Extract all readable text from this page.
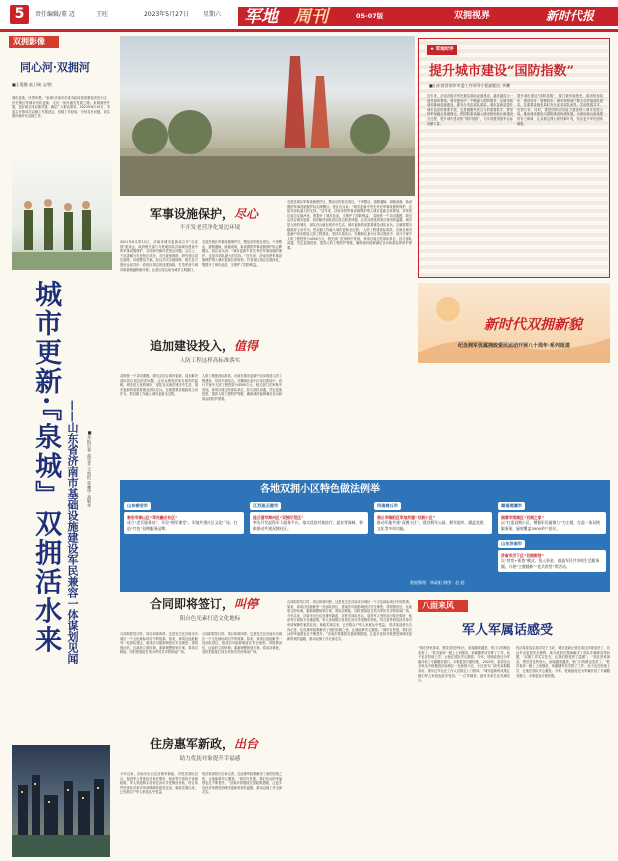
5	责任编辑/董 迈	王旺	2023年5月27日 星期六 军地 周刊	05-07版	双拥视界	新时代报
双拥影像
同心河·双拥河
■王冕继 高卫瑞 文/图
城市更新，所思所想。"泉城"济南市市委市政府高度重视老旧小区、历史街区等城市有机更新，走出一条内涵式发展之路。泉城深度开展，更好地完成双拥共建，满足广大群众需求。2023年6月19日，市委召开第四次双拥工作推进会，回顾工作经验，分析存在问题，切实做好新时代双拥工作。
城市更新·『泉城』双拥活水来 ——山东省济南市基础设施建设军民兼容一体谋划见闻 ■本报记者 高雪菲 王凯伦 张鹏宇 高敏华
军事设施保护，尽心
不开发老营净化周边环境
2021年6月的12日，济南市城市更新局召开“百花园”座谈会，政府相关部门与驻地部队共商城市建设中的军事设施保护，共同研究解决老营区问题。会议上，干部讲解当年老营区状况，对比规划图纸，研究营区周边道路、环境整治方案。经过多次实地调研，相关各方很快达成共识：将营区周边的违建拆除，打造军营与城市和谐相融的新环境，让营区周边成为城市文明窗口。
走进任城区军事设施保护区，整治后的营区周边，干净整洁，道路通畅，绿植成荫，新设置的军事设施保护标志牌醒目。营区官兵说：“城市更新中首先考虑军事设施的保护，这是对部队最大的支持。”近年来，济南市把军事设施保护纳入城市更新总体规划，对老营区周边实施净化，既提升了城市品质，又维护了国防利益。
追加建设投入，值得
人防工程这样高标准落实
双拥是一个共同课题。我们会结合城市更新，同步解决部队营区周边的老问题，让官兵感受到来自城市的温暖。城市是人民的城市，部队官兵就在城市中生活，城市更新的成果要惠及部队官兵。这就需要各级政府主动作为，把双拥工作融入城市更新全过程。
人防工程建设标准高，济南在城市更新中同步推进人防工程建设，坚持平战结合。在槐荫区某小区项目建设中，设计方案中人防工程投资为4500万元，相关部门在审核中发现，该项目周边有部队单位，经与部队沟通，决定追加投资，提高人防工程防护等级，确保战时能够满足官兵和群众的防护需要。
走进任城区军事设施保护区，整治后的营区周边，干净整洁，道路通畅，绿植成荫，新设置的军事设施保护标志牌醒目。营区官兵说：“城市更新中首先考虑军事设施的保护，这是对部队最大的支持。”近年来，济南市把军事设施保护纳入城市更新总体规划，对老营区周边实施净化，既提升了城市品质，又维护了国防利益。 双拥是一个共同课题。我们会结合城市更新，同步解决部队营区周边的老问题，让官兵感受到来自城市的温暖。城市是人民的城市，部队官兵就在城市中生活，城市更新的成果要惠及部队官兵。这就需要各级政府主动作为，把双拥工作融入城市更新全过程。 人防工程建设标准高，济南在城市更新中同步推进人防工程建设，坚持平战结合。在槐荫区某小区项目建设中，设计方案中人防工程投资为4500万元，相关部门在审核中发现，该项目周边有部队单位，经与部队沟通，决定追加投资，提高人防工程防护等级，确保战时能够满足官兵和群众的防护需要。
★ 军地时评
提升城市建设“国防指数”
■山东省济南市市委工作领导小组副组长 李鹏
近年来，济南各级对军民兼容基础设施建设，越来越成为一道亮丽风景线。城市建设中，不断融入国防需求，从城市规划到基础设施建设，都充分考虑部队需求。城市更新是提升城市品质的重要手段，也是凝聚军民合力的重要抓手。要坚持军民融合发展理念，把国防需求融入城市规划设计和建设全过程，提升城市建设的“国防指数”，为实现强国强军目标贡献力量。
提升城市建设“国防指数”，要打破军地壁垒，做到规划同步、建设同步、管理同步。城市规划部门要主动对接部队需求，在重要设施布局时充分征求部队意见，实现资源共享、优势互补。同时，要把国防动员能力建设纳入城市发展大局，推动城市建设与国防建设协调发展，为部队练兵备战提供有力保障，让双拥这棵大树枝繁叶茂，结出更多军民团结硕果。
新时代双拥新貌
纪念拥军优属拥政爱民运动开展八十周年·系列报道
各地双拥小区特色做法例举
山东泰安市
泰安市泰山区“军民融合社区”
成立“老兵服务站”，开设“拥军课堂”，军地共建社区文化广场，打造“红色”双拥服务品牌。
江苏连云港市
连云港市海州区“双拥示范区”
率先开发退役军人服务平台，落实优抚对象医疗、就业等保障，积极推动共建双拥社区。
河南商丘市
商丘市睢阳区军地共建“双拥小区”
推动军地共建“双拥小区”，建设拥军公园、拥军超市，涵盖党建、文化等多项功能。
湖南湘潭市
湘潭市雨湖区“双拥之家”
以“打造双拥小区，增强军民凝聚力”为主题，打造一条双拥服务街，辐射覆盖3000余户居民。
山东济南市
济南市历下区“双拥街巷”
以“营房+街巷”模式，投入资金，创造军民共享的生活服务圈，开展“主题楼栋”“老兵讲堂”等活动。
数据整理：林政阳 制图：赵 超
合同即将签订，叫停
阳台色光素打造文化地标
合同即将签订时，项目却被叫停。这是发生在济南市历城区一个文化地标项目中的故事。原来，该项目选址毗邻一处部队营区，建成后可能影响营区安全保密。得知情况后，区政府立即协调，重新调整规划方案，将项目移址，同时把原址打造为军民共享的休闲广场。
合同即将签订时，项目却被叫停。这是发生在济南市历城区一个文化地标项目中的故事。原来，该项目选址毗邻一处部队营区，建成后可能影响营区安全保密。得知情况后，区政府立即协调，重新调整规划方案，将项目移址，同时把原址打造为军民共享的休闲广场。
住房惠军新政，出台
助力优抚对象提升幸福感
今年以来，济南市出台住房惠军新政，对驻济部队官兵、退役军人等优抚对象在购房、租房等方面给予优惠政策。军人家庭购买首套住房可享受购房补贴，符合条件的优抚对象可申请保障性租赁住房。新政实施以来，已有数百户军人家庭从中受益。
驻济某部营长告诉记者，住房惠军政策解决了他的后顾之忧，让他能够安心服役。“城市在发展，我们官兵的幸福感也在不断提升。”济南市将继续完善政策措施，让更多优抚对象感受到城市更新带来的温暖，推动双拥工作走深走实。
合同即将签订时，项目却被叫停。这是发生在济南市历城区一个文化地标项目中的故事。原来，该项目选址毗邻一处部队营区，建成后可能影响营区安全保密。得知情况后，区政府立即协调，重新调整规划方案，将项目移址，同时把原址打造为军民共享的休闲广场。 今年以来，济南市出台住房惠军新政，对驻济部队官兵、退役军人等优抚对象在购房、租房等方面给予优惠政策。军人家庭购买首套住房可享受购房补贴，符合条件的优抚对象可申请保障性租赁住房。新政实施以来，已有数百户军人家庭从中受益。 驻济某部营长告诉记者，住房惠军政策解决了他的后顾之忧，让他能够安心服役。“城市在发展，我们官兵的幸福感也在不断提升。”济南市将继续完善政策措施，让更多优抚对象感受到城市更新带来的温暖，推动双拥工作走深走实。
八面来风
军人军属话感受
“现在回家探亲，感觉变化特别大，泉城越来越美，家门口的路也变宽了。”驻济某部一级上士刘强说，家属随军后安排了工作，孩子也在驻地上学，让他在部队安心服役。今年，驻地政府还为军属开设了专属服务窗口，办事更加方便快捷。 2022年，某部官兵全家从外地搬进济南城区一处新建小区，小区里专门设有双拥服务站，逢年过节社区工作人员都会上门慰问。“城市更新的成果让我们军人家庭也能享受到。”一位军嫂说，她对未来生活充满信心。
驻济某部连队指导员王飞说，城市更新让营区周边环境变好了，官兵外出更加安全便利，地方政府还帮助解决了部队车辆停放等问题，“双拥工作实实在在，让我们感受到了温暖”。 “现在回家探亲，感觉变化特别大，泉城越来越美，家门口的路也变宽了。”驻济某部一级上士刘强说，家属随军后安排了工作，孩子也在驻地上学，让他在部队安心服役。今年，驻地政府还为军属开设了专属服务窗口，办事更加方便快捷。
